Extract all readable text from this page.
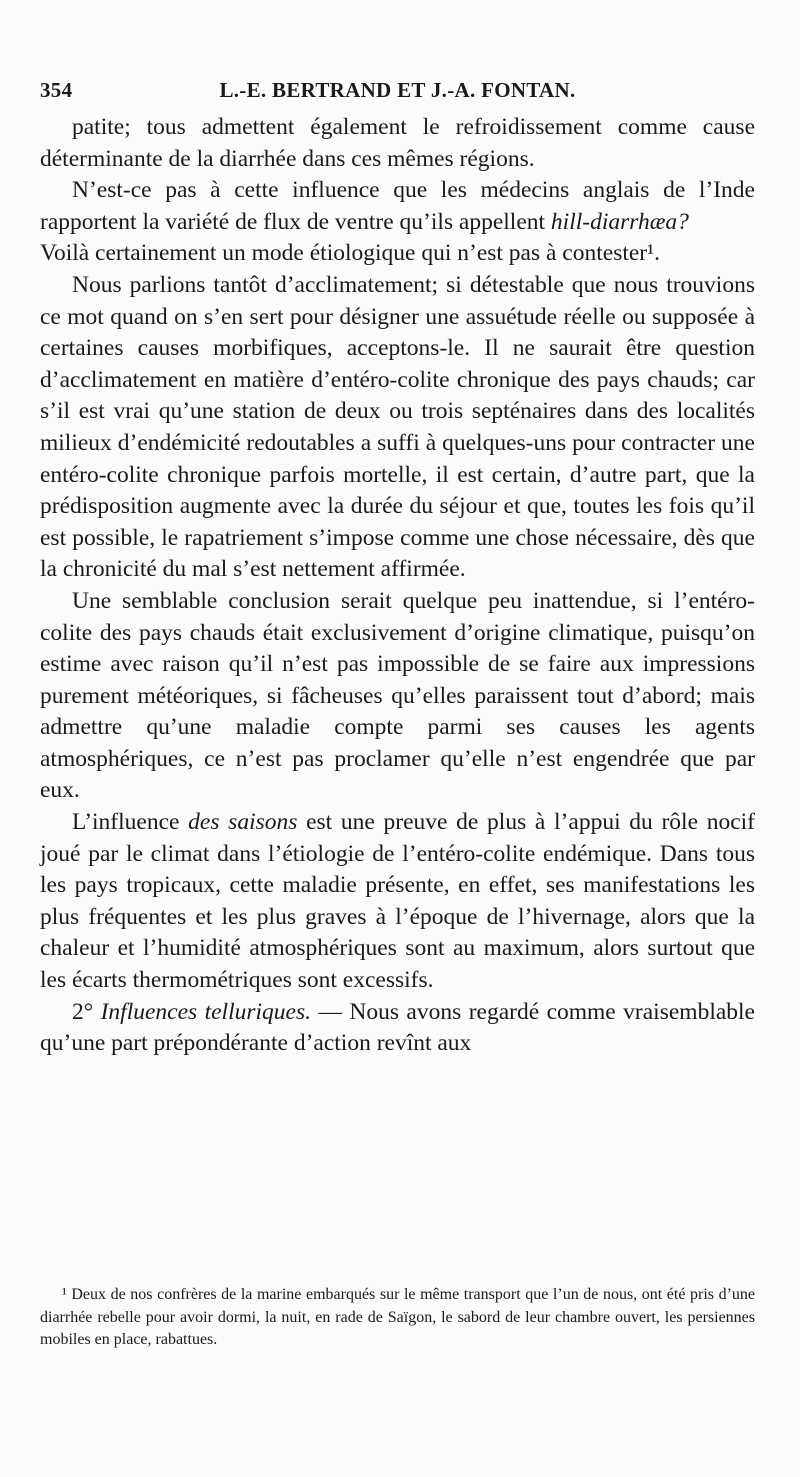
354	L.-E. BERTRAND ET J.-A. FONTAN.

patite; tous admettent également le refroidissement comme cause déterminante de la diarrhée dans ces mêmes régions.

N’est-ce pas à cette influence que les médecins anglais de l’Inde rapportent la variété de flux de ventre qu’ils appellent hill-diarrhæa?

Voilà certainement un mode étiologique qui n’est pas à contester¹.

Nous parlions tantôt d’acclimatement; si détestable que nous trouvions ce mot quand on s’en sert pour désigner une assuétude réelle ou supposée à certaines causes morbifiques, acceptons-le. Il ne saurait être question d’acclimatement en matière d’entéro-colite chronique des pays chauds; car s’il est vrai qu’une station de deux ou trois septénaires dans des localités milieux d’endémicité redoutables a suffi à quelques-uns pour contracter une entéro-colite chronique parfois mortelle, il est certain, d’autre part, que la prédisposition augmente avec la durée du séjour et que, toutes les fois qu’il est possible, le rapatriement s’impose comme une chose nécessaire, dès que la chronicité du mal s’est nettement affirmée.

Une semblable conclusion serait quelque peu inattendue, si l’entéro-colite des pays chauds était exclusivement d’origine climatique, puisqu’on estime avec raison qu’il n’est pas impossible de se faire aux impressions purement météoriques, si fâcheuses qu’elles paraissent tout d’abord; mais admettre qu’une maladie compte parmi ses causes les agents atmosphériques, ce n’est pas proclamer qu’elle n’est engendrée que par eux.

L’influence des saisons est une preuve de plus à l’appui du rôle nocif joué par le climat dans l’étiologie de l’entéro-colite endémique. Dans tous les pays tropicaux, cette maladie présente, en effet, ses manifestations les plus fréquentes et les plus graves à l’époque de l’hivernage, alors que la chaleur et l’humidité atmosphériques sont au maximum, alors surtout que les écarts thermométriques sont excessifs.

2° Influences telluriques. — Nous avons regardé comme vraisemblable qu’une part prépondérante d’action revînt aux

¹ Deux de nos confrères de la marine embarqués sur le même transport que l’un de nous, ont été pris d’une diarrhée rebelle pour avoir dormi, la nuit, en rade de Saïgon, le sabord de leur chambre ouvert, les persiennes mobiles en place, rabattues.
